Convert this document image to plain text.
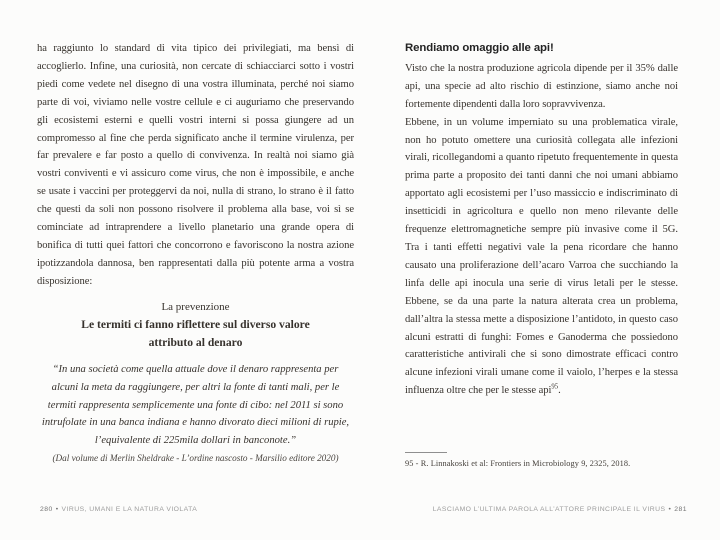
ha raggiunto lo standard di vita tipico dei privilegiati, ma bensì di accoglierlo. Infine, una curiosità, non cercate di schiacciarci sotto i vostri piedi come vedete nel disegno di una vostra illuminata, perché noi siamo parte di voi, viviamo nelle vostre cellule e ci auguriamo che preservando gli ecosistemi esterni e quelli vostri interni si possa giungere ad un compromesso al fine che perda significato anche il termine virulenza, per far prevalere e far posto a quello di convivenza. In realtà noi siamo già vostri conviventi e vi assicuro come virus, che non è impossibile, e anche se usate i vaccini per proteggervi da noi, nulla di strano, lo strano è il fatto che questi da soli non possono risolvere il problema alla base, voi sì se cominciate ad intraprendere a livello planetario una grande opera di bonifica di tutti quei fattori che concorrono e favoriscono la nostra azione ipotizzandola dannosa, ben rappresentati dalla più potente arma a vostra disposizione:

La prevenzione
Le termiti ci fanno riflettere sul diverso valore
attributo al denaro
“In una società come quella attuale dove il denaro rappresenta per alcuni la meta da raggiungere, per altri la fonte di tanti mali, per le termiti rappresenta semplicemente una fonte di cibo: nel 2011 si sono intrufolate in una banca indiana e hanno divorato dieci milioni di rupie, l’equivalente di 225mila dollari in banconote.”
(Dal volume di Merlin Sheldrake - L’ordine nascosto - Marsilio editore 2020)
Rendiamo omaggio alle api!

Visto che la nostra produzione agricola dipende per il 35% dalle api, una specie ad alto rischio di estinzione, siamo anche noi fortemente dipendenti dalla loro sopravvivenza.

Ebbene, in un volume imperniato su una problematica virale, non ho potuto omettere una curiosità collegata alle infezioni virali, ricollegandomi a quanto ripetuto frequentemente in questa prima parte a proposito dei tanti danni che noi umani abbiamo apportato agli ecosistemi per l’uso massiccio e indiscriminato di insetticidi in agricoltura e quello non meno rilevante delle frequenze elettromagnetiche sempre più invasive come il 5G. Tra i tanti effetti negativi vale la pena ricordare che hanno causato una proliferazione dell’acaro Varroa che succhiando la linfa delle api inocula una serie di virus letali per le stesse. Ebbene, se da una parte la natura alterata crea un problema, dall’altra la stessa mette a disposizione l’antidoto, in questo caso alcuni estratti di funghi: Fomes e Ganoderma che possiedono caratteristiche antivirali che si sono dimostrate efficaci contro alcune infezioni virali umane come il vaiolo, l’herpes e la stessa influenza oltre che per le stesse api$^{95}$.

95 - R. Linnakoski et al: Frontiers in Microbiology 9, 2325, 2018.
280 • VIRUS, UMANI E LA NATURA VIOLATA	LASCIAMO L’ULTIMA PAROLA ALL’ATTORE PRINCIPALE IL VIRUS • 281
